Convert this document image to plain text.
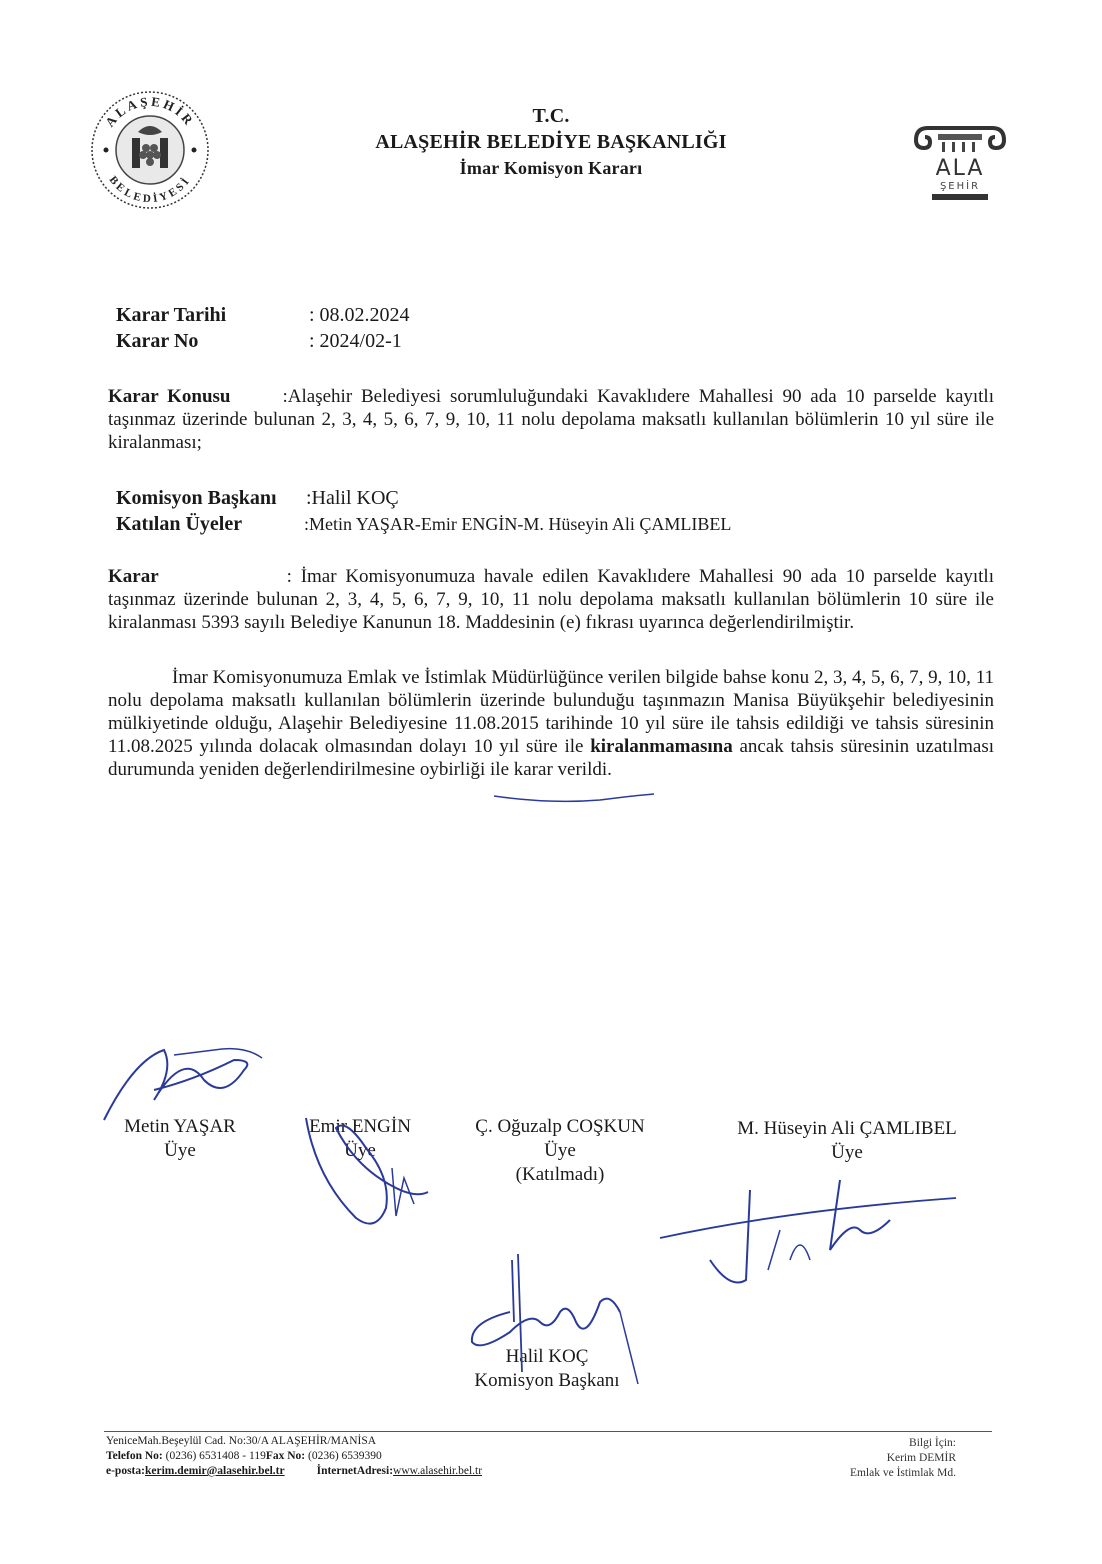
ALAŞEHİR
BELEDİYESİ	ALA
ŞEHİR
T.C.
ALAŞEHİR BELEDİYE BAŞKANLIĞI
İmar Komisyon Kararı
Karar Tarihi	: 08.02.2024
Karar No	: 2024/02-1
Karar Konusu	:Alaşehir Belediyesi sorumluluğundaki Kavaklıdere Mahallesi 90 ada 10 parselde kayıtlı taşınmaz üzerinde bulunan 2, 3, 4, 5, 6, 7, 9, 10, 11 nolu depolama maksatlı kullanılan bölümlerin 10 yıl süre ile kiralanması;
Komisyon Başkanı :Halil KOÇ
Katılan Üyeler	:Metin YAŞAR-Emir ENGİN-M. Hüseyin Ali ÇAMLIBEL
Karar	: İmar Komisyonumuza havale edilen Kavaklıdere Mahallesi 90 ada 10 parselde kayıtlı taşınmaz üzerinde bulunan 2, 3, 4, 5, 6, 7, 9, 10, 11 nolu depolama maksatlı kullanılan bölümlerin 10 süre ile kiralanması 5393 sayılı Belediye Kanunun 18. Maddesinin (e) fıkrası uyarınca değerlendirilmiştir.
İmar Komisyonumuza Emlak ve İstimlak Müdürlüğünce verilen bilgide bahse konu 2, 3, 4, 5, 6, 7, 9, 10, 11 nolu depolama maksatlı kullanılan bölümlerin üzerinde bulunduğu taşınmazın Manisa Büyükşehir belediyesinin mülkiyetinde olduğu, Alaşehir Belediyesine 11.08.2015 tarihinde 10 yıl süre ile tahsis edildiği ve tahsis süresinin 11.08.2025 yılında dolacak olmasından dolayı 10 yıl süre ile kiralanmamasına ancak tahsis süresinin uzatılması durumunda yeniden değerlendirilmesine oybirliği ile karar verildi.
Metin YAŞAR
Üye
Emir ENGİN
Üye
Ç. Oğuzalp COŞKUN
Üye
(Katılmadı)
M. Hüseyin Ali ÇAMLIBEL
Üye
Halil KOÇ
Komisyon Başkanı
YeniceMah.Beşeylül Cad. No:30/A ALAŞEHİR/MANİSA
Telefon No: (0236) 6531408 - 119Fax No: (0236) 6539390
e-posta:kerim.demir@alasehir.bel.tr	İnternetAdresi:www.alasehir.bel.tr
Bilgi İçin:
Kerim DEMİR
Emlak ve İstimlak Md.
